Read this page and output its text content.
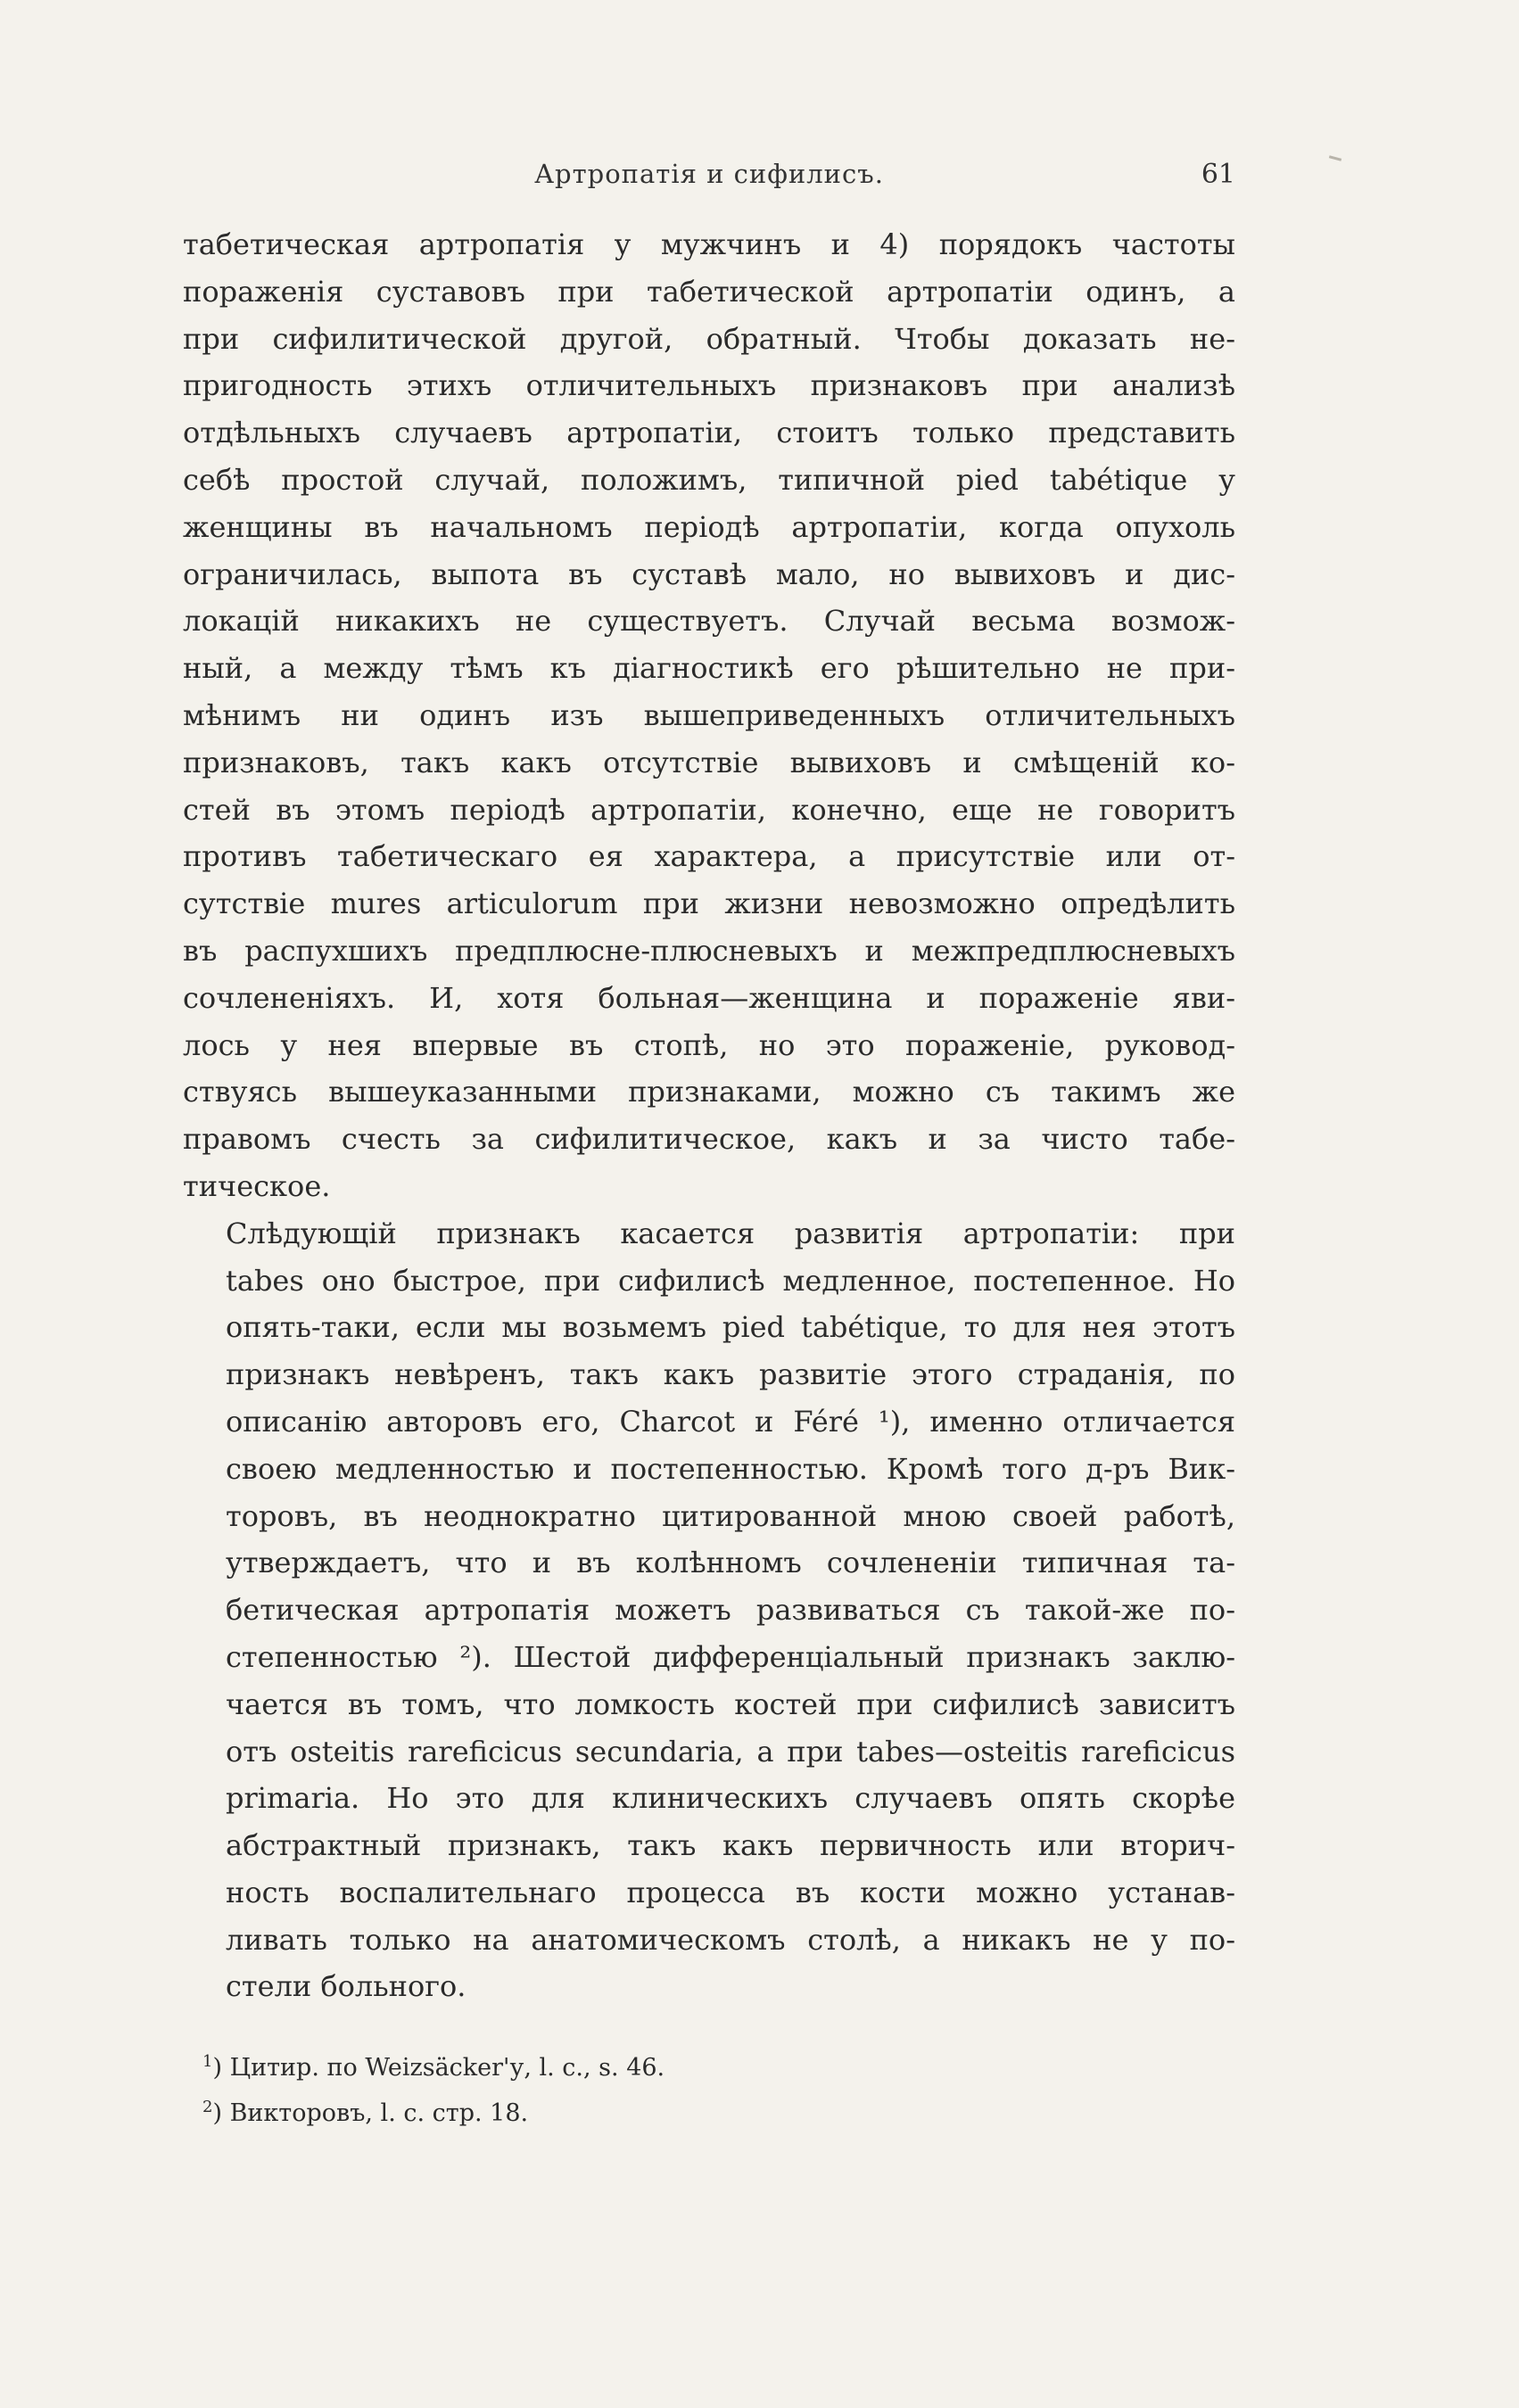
Артропатія и сифилисъ.	61

табетическая артропатія у мужчинъ и 4) порядокъ частоты
пораженія суставовъ при табетической артропатіи одинъ, а
при сифилитической другой, обратный. Чтобы доказать не-
пригодность этихъ отличительныхъ признаковъ при анализѣ
отдѣльныхъ случаевъ артропатіи, стоитъ только представить
себѣ простой случай, положимъ, типичной pied tabétique у
женщины въ начальномъ періодѣ артропатіи, когда опухоль
ограничилась, выпота въ суставѣ мало, но вывиховъ и дис-
локацій никакихъ не существуетъ. Случай весьма возмож-
ный, а между тѣмъ къ діагностикѣ его рѣшительно не при-
мѣнимъ ни одинъ изъ вышеприведенныхъ отличительныхъ
признаковъ, такъ какъ отсутствіе вывиховъ и смѣщеній ко-
стей въ этомъ періодѣ артропатіи, конечно, еще не говоритъ
противъ табетическаго ея характера, а присутствіе или от-
сутствіе mures articulorum при жизни невозможно опредѣлить
въ распухшихъ предплюсне-плюсневыхъ и межпредплюсневыхъ
сочлененіяхъ. И, хотя больная—женщина и пораженіе яви-
лось у нея впервые въ стопѣ, но это пораженіе, руковод-
ствуясь вышеуказанными признаками, можно съ такимъ же
правомъ счесть за сифилитическое, какъ и за чисто табе-
тическое.

Слѣдующій признакъ касается развитія артропатіи: при
tabes оно быстрое, при сифилисѣ медленное, постепенное. Но
опять-таки, если мы возьмемъ pied tabétique, то для нея этотъ
признакъ невѣренъ, такъ какъ развитіе этого страданія, по
описанію авторовъ его, Charcot и Féré ¹), именно отличается
своею медленностью и постепенностью. Кромѣ того д-ръ Вик-
торовъ, въ неоднократно цитированной мною своей работѣ,
утверждаетъ, что и въ колѣнномъ сочлененіи типичная та-
бетическая артропатія можетъ развиваться съ такой-же по-
степенностью ²). Шестой дифференціальный признакъ заклю-
чается въ томъ, что ломкость костей при сифилисѣ зависитъ
отъ osteitis rareficicus secundaria, а при tabes—osteitis rareficicus
primaria. Но это для клиническихъ случаевъ опять скорѣе
абстрактный признакъ, такъ какъ первичность или вторич-
ность воспалительнаго процесса въ кости можно устанав-
ливать только на анатомическомъ столѣ, а никакъ не у по-
стели больного.

$^1$) Цитир. по Weizsäcker'у, l. c., s. 46.
$^2$) Викторовъ, l. c. стр. 18.
